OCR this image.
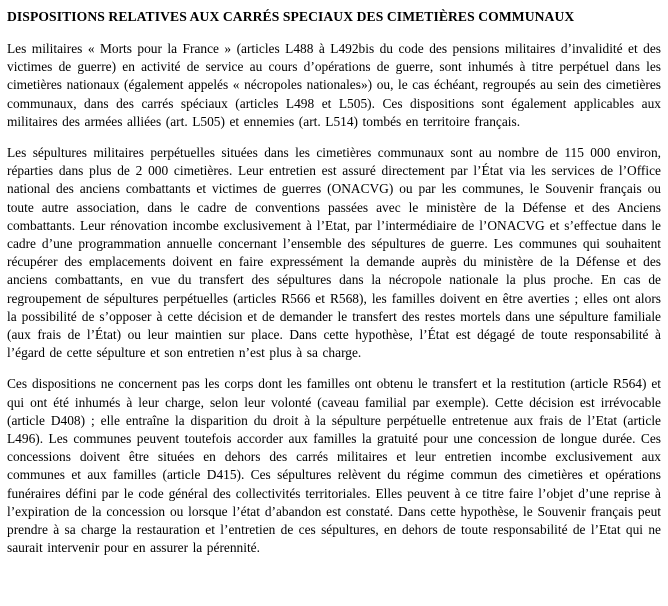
DISPOSITIONS RELATIVES AUX CARRÉS SPECIAUX DES CIMETIÈRES COMMUNAUX

Les militaires « Morts pour la France » (articles L488 à L492bis du code des pensions militaires d’invalidité et des victimes de guerre) en activité de service au cours d’opérations de guerre, sont inhumés à titre perpétuel dans les cimetières nationaux (également appelés « nécropoles nationales») ou, le cas échéant, regroupés au sein des cimetières communaux, dans des carrés spéciaux (articles L498 et L505). Ces dispositions sont également applicables aux militaires des armées alliées (art. L505) et ennemies (art. L514) tombés en territoire français.

Les sépultures militaires perpétuelles situées dans les cimetières communaux sont au nombre de 115 000 environ, réparties dans plus de 2 000 cimetières. Leur entretien est assuré directement par l’État via les services de l’Office national des anciens combattants et victimes de guerres (ONACVG) ou par les communes, le Souvenir français ou toute autre association, dans le cadre de conventions passées avec le ministère de la Défense et des Anciens combattants. Leur rénovation incombe exclusivement à l’Etat, par l’intermédiaire de l’ONACVG et s’effectue dans le cadre d’une programmation annuelle concernant l’ensemble des sépultures de guerre. Les communes qui souhaitent récupérer des emplacements doivent en faire expressément la demande auprès du ministère de la Défense et des anciens combattants, en vue du transfert des sépultures dans la nécropole nationale la plus proche. En cas de regroupement de sépultures perpétuelles (articles R566 et R568), les familles doivent en être averties ; elles ont alors la possibilité de s’opposer à cette décision et de demander le transfert des restes mortels dans une sépulture familiale (aux frais de l’État) ou leur maintien sur place. Dans cette hypothèse, l’État est dégagé de toute responsabilité à l’égard de cette sépulture et son entretien n’est plus à sa charge.

Ces dispositions ne concernent pas les corps dont les familles ont obtenu le transfert et la restitution (article R564) et qui ont été inhumés à leur charge, selon leur volonté (caveau familial par exemple). Cette décision est irrévocable (article D408) ; elle entraîne la disparition du droit à la sépulture perpétuelle entretenue aux frais de l’Etat (article L496). Les communes peuvent toutefois accorder aux familles la gratuité pour une concession de longue durée. Ces concessions doivent être situées en dehors des carrés militaires et leur entretien incombe exclusivement aux communes et aux familles (article D415). Ces sépultures relèvent du régime commun des cimetières et opérations funéraires défini par le code général des collectivités territoriales. Elles peuvent à ce titre faire l’objet d’une reprise à l’expiration de la concession ou lorsque l’état d’abandon est constaté. Dans cette hypothèse, le Souvenir français peut prendre à sa charge la restauration et l’entretien de ces sépultures, en dehors de toute responsabilité de l’Etat qui ne saurait intervenir pour en assurer la pérennité.
